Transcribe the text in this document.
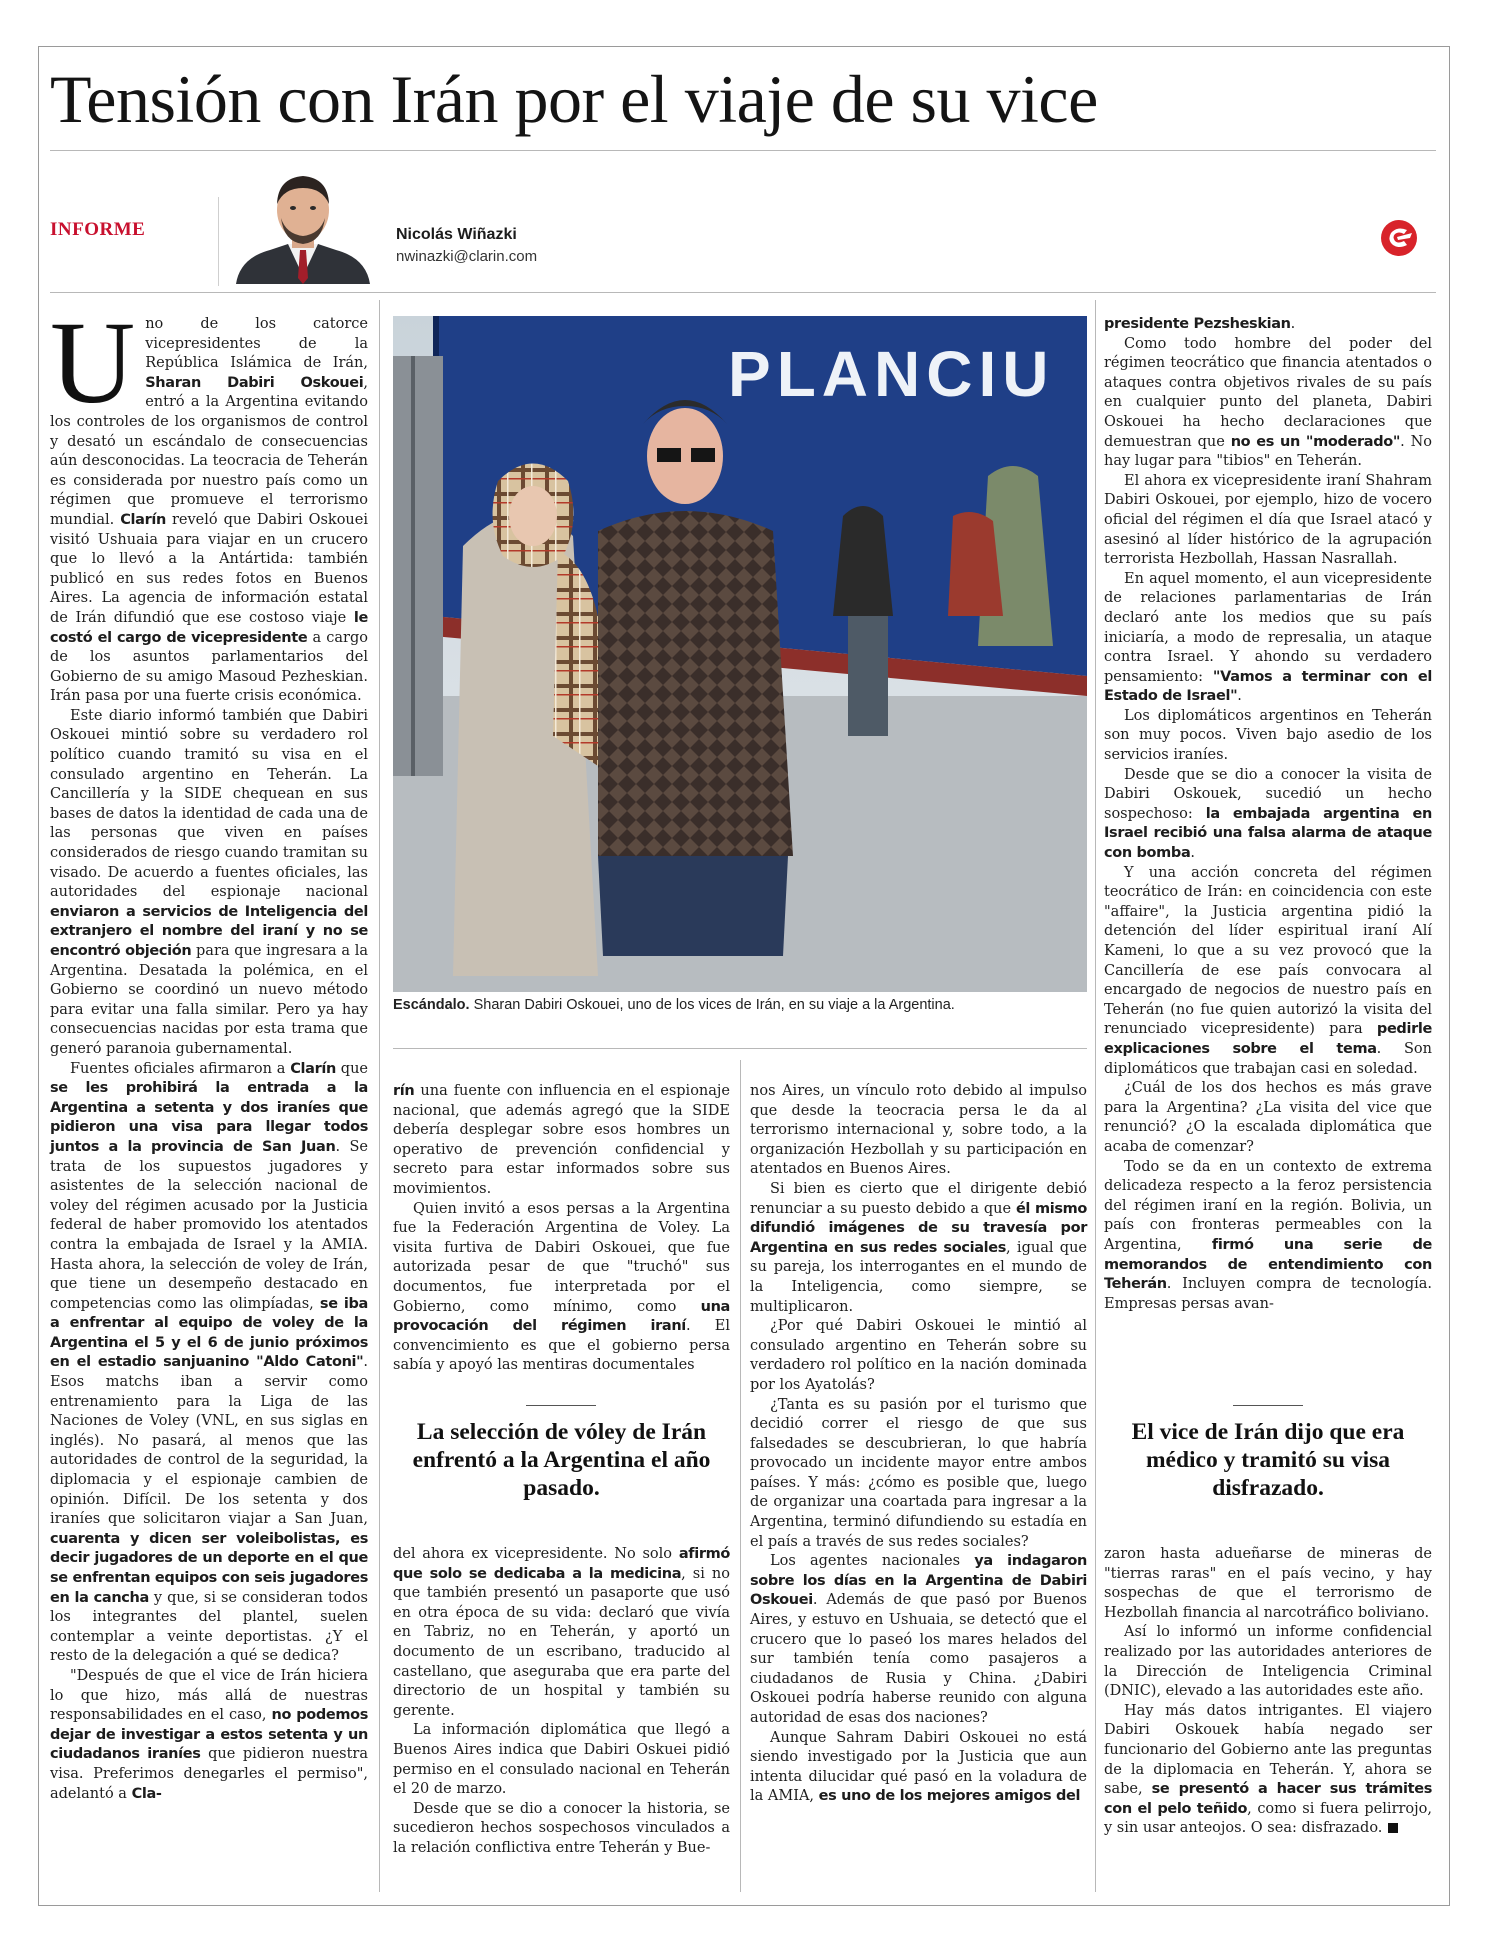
Tensión con Irán por el viaje de su vice
INFORME	Nicolás Wiñazki
nwinazki@clarin.com

Uno de los catorce vicepresidentes de la República Islámica de Irán, Sharan Dabiri Oskouei, entró a la Argentina evitando los controles de los organismos de control y desató un escándalo de consecuencias aún desconocidas. La teocracia de Teherán es considerada por nuestro país como un régimen que promueve el terrorismo mundial. Clarín reveló que Dabiri Oskouei visitó Ushuaia para viajar en un crucero que lo llevó a la Antártida: también publicó en sus redes fotos en Buenos Aires. La agencia de información estatal de Irán difundió que ese costoso viaje le costó el cargo de vicepresidente a cargo de los asuntos parlamentarios del Gobierno de su amigo Masoud Pezheskian. Irán pasa por una fuerte crisis económica.

Este diario informó también que Dabiri Oskouei mintió sobre su verdadero rol político cuando tramitó su visa en el consulado argentino en Teherán. La Cancillería y la SIDE chequean en sus bases de datos la identidad de cada una de las personas que viven en países considerados de riesgo cuando tramitan su visado. De acuerdo a fuentes oficiales, las autoridades del espionaje nacional enviaron a servicios de Inteligencia del extranjero el nombre del iraní y no se encontró objeción para que ingresara a la Argentina. Desatada la polémica, en el Gobierno se coordinó un nuevo método para evitar una falla similar. Pero ya hay consecuencias nacidas por esta trama que generó paranoia gubernamental.

Fuentes oficiales afirmaron a Clarín que se les prohibirá la entrada a la Argentina a setenta y dos iraníes que pidieron una visa para llegar todos juntos a la provincia de San Juan. Se trata de los supuestos jugadores y asistentes de la selección nacional de voley del régimen acusado por la Justicia federal de haber promovido los atentados contra la embajada de Israel y la AMIA. Hasta ahora, la selección de voley de Irán, que tiene un desempeño destacado en competencias como las olimpíadas, se iba a enfrentar al equipo de voley de la Argentina el 5 y el 6 de junio próximos en el estadio sanjuanino "Aldo Catoni". Esos matchs iban a servir como entrenamiento para la Liga de las Naciones de Voley (VNL, en sus siglas en inglés). No pasará, al menos que las autoridades de control de la seguridad, la diplomacia y el espionaje cambien de opinión. Difícil. De los setenta y dos iraníes que solicitaron viajar a San Juan, cuarenta y dicen ser voleibolistas, es decir jugadores de un deporte en el que se enfrentan equipos con seis jugadores en la cancha y que, si se consideran todos los integrantes del plantel, suelen contemplar a veinte deportistas. ¿Y el resto de la delegación a qué se dedica?

"Después de que el vice de Irán hiciera lo que hizo, más allá de nuestras responsabilidades en el caso, no podemos dejar de investigar a estos setenta y un ciudadanos iraníes que pidieron nuestra visa. Preferimos denegarles el permiso", adelantó a Cla-

PLANCIU
Escándalo. Sharan Dabiri Oskouei, uno de los vices de Irán, en su viaje a la Argentina.

rín una fuente con influencia en el espionaje nacional, que además agregó que la SIDE debería desplegar sobre esos hombres un operativo de prevención confidencial y secreto para estar informados sobre sus movimientos.

Quien invitó a esos persas a la Argentina fue la Federación Argentina de Voley. La visita furtiva de Dabiri Oskouei, que fue autorizada pesar de que "truchó" sus documentos, fue interpretada por el Gobierno, como mínimo, como una provocación del régimen iraní. El convencimiento es que el gobierno persa sabía y apoyó las mentiras documentales

La selección de vóley de Irán enfrentó a la Argentina el año pasado.

del ahora ex vicepresidente. No solo afirmó que solo se dedicaba a la medicina, si no que también presentó un pasaporte que usó en otra época de su vida: declaró que vivía en Tabriz, no en Teherán, y aportó un documento de un escribano, traducido al castellano, que aseguraba que era parte del directorio de un hospital y también su gerente.

La información diplomática que llegó a Buenos Aires indica que Dabiri Oskuei pidió permiso en el consulado nacional en Teherán el 20 de marzo.

Desde que se dio a conocer la historia, se sucedieron hechos sospechosos vinculados a la relación conflictiva entre Teherán y Bue-

nos Aires, un vínculo roto debido al impulso que desde la teocracia persa le da al terrorismo internacional y, sobre todo, a la organización Hezbollah y su participación en atentados en Buenos Aires.

Si bien es cierto que el dirigente debió renunciar a su puesto debido a que él mismo difundió imágenes de su travesía por Argentina en sus redes sociales, igual que su pareja, los interrogantes en el mundo de la Inteligencia, como siempre, se multiplicaron.

¿Por qué Dabiri Oskouei le mintió al consulado argentino en Teherán sobre su verdadero rol político en la nación dominada por los Ayatolás?

¿Tanta es su pasión por el turismo que decidió correr el riesgo de que sus falsedades se descubrieran, lo que habría provocado un incidente mayor entre ambos países. Y más: ¿cómo es posible que, luego de organizar una coartada para ingresar a la Argentina, terminó difundiendo su estadía en el país a través de sus redes sociales?

Los agentes nacionales ya indagaron sobre los días en la Argentina de Dabiri Oskouei. Además de que pasó por Buenos Aires, y estuvo en Ushuaia, se detectó que el crucero que lo paseó los mares helados del sur también tenía como pasajeros a ciudadanos de Rusia y China. ¿Dabiri Oskouei podría haberse reunido con alguna autoridad de esas dos naciones?

Aunque Sahram Dabiri Oskouei no está siendo investigado por la Justicia que aun intenta dilucidar qué pasó en la voladura de la AMIA, es uno de los mejores amigos del

presidente Pezsheskian.

Como todo hombre del poder del régimen teocrático que financia atentados o ataques contra objetivos rivales de su país en cualquier punto del planeta, Dabiri Oskouei ha hecho declaraciones que demuestran que no es un "moderado". No hay lugar para "tibios" en Teherán.

El ahora ex vicepresidente iraní Shahram Dabiri Oskouei, por ejemplo, hizo de vocero oficial del régimen el día que Israel atacó y asesinó al líder histórico de la agrupación terrorista Hezbollah, Hassan Nasrallah.

En aquel momento, el aun vicepresidente de relaciones parlamentarias de Irán declaró ante los medios que su país iniciaría, a modo de represalia, un ataque contra Israel. Y ahondo su verdadero pensamiento: "Vamos a terminar con el Estado de Israel".

Los diplomáticos argentinos en Teherán son muy pocos. Viven bajo asedio de los servicios iraníes.

Desde que se dio a conocer la visita de Dabiri Oskouek, sucedió un hecho sospechoso: la embajada argentina en Israel recibió una falsa alarma de ataque con bomba.

Y una acción concreta del régimen teocrático de Irán: en coincidencia con este "affaire", la Justicia argentina pidió la detención del líder espiritual iraní Alí Kameni, lo que a su vez provocó que la Cancillería de ese país convocara al encargado de negocios de nuestro país en Teherán (no fue quien autorizó la visita del renunciado vicepresidente) para pedirle explicaciones sobre el tema. Son diplomáticos que trabajan casi en soledad.

¿Cuál de los dos hechos es más grave para la Argentina? ¿La visita del vice que renunció? ¿O la escalada diplomática que acaba de comenzar?

Todo se da en un contexto de extrema delicadeza respecto a la feroz persistencia del régimen iraní en la región. Bolivia, un país con fronteras permeables con la Argentina, firmó una serie de memorandos de entendimiento con Teherán. Incluyen compra de tecnología. Empresas persas avan-

El vice de Irán dijo que era médico y tramitó su visa disfrazado.

zaron hasta adueñarse de mineras de "tierras raras" en el país vecino, y hay sospechas de que el terrorismo de Hezbollah financia al narcotráfico boliviano.

Así lo informó un informe confidencial realizado por las autoridades anteriores de la Dirección de Inteligencia Criminal (DNIC), elevado a las autoridades este año.

Hay más datos intrigantes. El viajero Dabiri Oskouek había negado ser funcionario del Gobierno ante las preguntas de la diplomacia en Teherán. Y, ahora se sabe, se presentó a hacer sus trámites con el pelo teñido, como si fuera pelirrojo, y sin usar anteojos. O sea: disfrazado.
